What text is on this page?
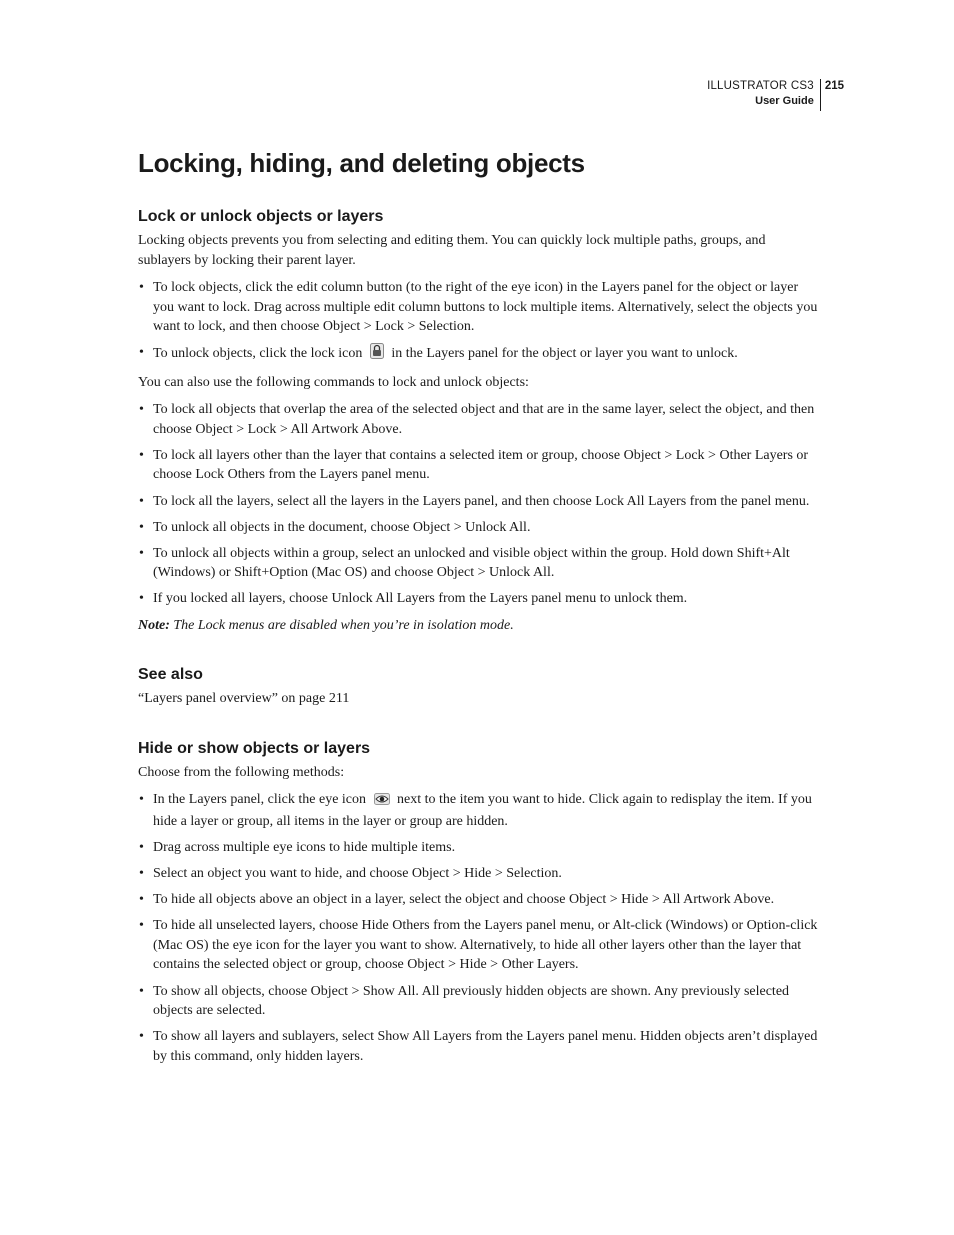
ILLUSTRATOR CS3
User Guide
215
Locking, hiding, and deleting objects
Lock or unlock objects or layers

Locking objects prevents you from selecting and editing them. You can quickly lock multiple paths, groups, and sublayers by locking their parent layer.

• To lock objects, click the edit column button (to the right of the eye icon) in the Layers panel for the object or layer you want to lock. Drag across multiple edit column buttons to lock multiple items. Alternatively, select the objects you want to lock, and then choose Object > Lock > Selection.
• To unlock objects, click the lock icon in the Layers panel for the object or layer you want to unlock.

You can also use the following commands to lock and unlock objects:

• To lock all objects that overlap the area of the selected object and that are in the same layer, select the object, and then choose Object > Lock > All Artwork Above.
• To lock all layers other than the layer that contains a selected item or group, choose Object > Lock > Other Layers or choose Lock Others from the Layers panel menu.
• To lock all the layers, select all the layers in the Layers panel, and then choose Lock All Layers from the panel menu.
• To unlock all objects in the document, choose Object > Unlock All.
• To unlock all objects within a group, select an unlocked and visible object within the group. Hold down Shift+Alt (Windows) or Shift+Option (Mac OS) and choose Object > Unlock All.
• If you locked all layers, choose Unlock All Layers from the Layers panel menu to unlock them.

Note: The Lock menus are disabled when you’re in isolation mode.

See also

“Layers panel overview” on page 211

Hide or show objects or layers

Choose from the following methods:

• In the Layers panel, click the eye icon next to the item you want to hide. Click again to redisplay the item. If you hide a layer or group, all items in the layer or group are hidden.
• Drag across multiple eye icons to hide multiple items.
• Select an object you want to hide, and choose Object > Hide > Selection.
• To hide all objects above an object in a layer, select the object and choose Object > Hide > All Artwork Above.
• To hide all unselected layers, choose Hide Others from the Layers panel menu, or Alt-click (Windows) or Option-click (Mac OS) the eye icon for the layer you want to show. Alternatively, to hide all other layers other than the layer that contains the selected object or group, choose Object > Hide > Other Layers.
• To show all objects, choose Object > Show All. All previously hidden objects are shown. Any previously selected objects are selected.
• To show all layers and sublayers, select Show All Layers from the Layers panel menu. Hidden objects aren’t displayed by this command, only hidden layers.
